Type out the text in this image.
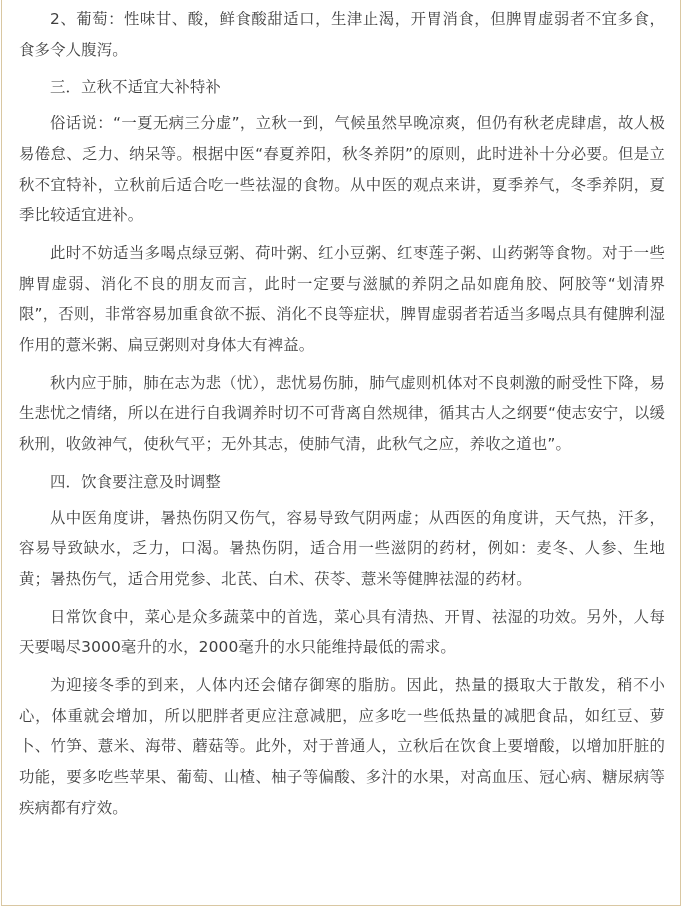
2、葡萄：性味甘、酸，鲜食酸甜适口，生津止渴，开胃消食，但脾胃虚弱者不宜多食，食多令人腹泻。

三．立秋不适宜大补特补

俗话说：“一夏无病三分虚”，立秋一到，气候虽然早晚凉爽，但仍有秋老虎肆虐，故人极易倦怠、乏力、纳呆等。根据中医“春夏养阳，秋冬养阴”的原则，此时进补十分必要。但是立秋不宜特补，立秋前后适合吃一些祛湿的食物。从中医的观点来讲，夏季养气，冬季养阴，夏季比较适宜进补。

此时不妨适当多喝点绿豆粥、荷叶粥、红小豆粥、红枣莲子粥、山药粥等食物。对于一些脾胃虚弱、消化不良的朋友而言，此时一定要与滋腻的养阴之品如鹿角胶、阿胶等“划清界限”，否则，非常容易加重食欲不振、消化不良等症状，脾胃虚弱者若适当多喝点具有健脾利湿作用的薏米粥、扁豆粥则对身体大有裨益。

秋内应于肺，肺在志为悲（忧），悲忧易伤肺，肺气虚则机体对不良刺激的耐受性下降，易生悲忧之情绪，所以在进行自我调养时切不可背离自然规律，循其古人之纲要“使志安宁，以缓秋刑，收敛神气，使秋气平；无外其志，使肺气清，此秋气之应，养收之道也”。

四．饮食要注意及时调整

从中医角度讲，暑热伤阴又伤气，容易导致气阴两虚；从西医的角度讲，天气热，汗多，容易导致缺水，乏力，口渴。暑热伤阴，适合用一些滋阴的药材，例如：麦冬、人参、生地黄；暑热伤气，适合用党参、北芪、白术、茯苓、薏米等健脾祛湿的药材。

日常饮食中，菜心是众多蔬菜中的首选，菜心具有清热、开胃、祛湿的功效。另外，人每天要喝尽3000毫升的水，2000毫升的水只能维持最低的需求。

为迎接冬季的到来，人体内还会储存御寒的脂肪。因此，热量的摄取大于散发，稍不小心，体重就会增加，所以肥胖者更应注意减肥，应多吃一些低热量的减肥食品，如红豆、萝卜、竹笋、薏米、海带、蘑菇等。此外，对于普通人，立秋后在饮食上要增酸，以增加肝脏的功能，要多吃些苹果、葡萄、山楂、柚子等偏酸、多汁的水果，对高血压、冠心病、糖尿病等疾病都有疗效。
